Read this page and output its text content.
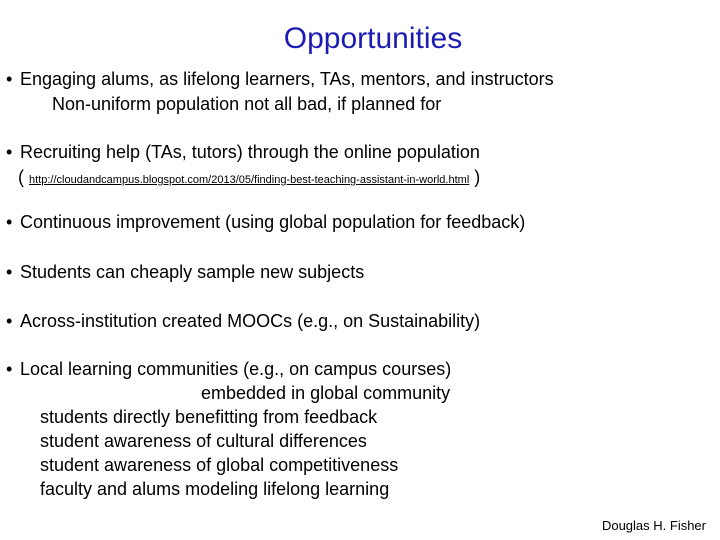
Opportunities
• Engaging alums, as lifelong learners, TAs, mentors, and instructors
Non-uniform population not all bad, if planned for
• Recruiting help (TAs, tutors) through the online population
( http://cloudandcampus.blogspot.com/2013/05/finding-best-teaching-assistant-in-world.html )
• Continuous improvement (using global population for feedback)
• Students can cheaply sample new subjects
• Across-institution created MOOCs (e.g., on Sustainability)
• Local learning communities (e.g., on campus courses)
embedded in global community
students directly benefitting from feedback
student awareness of cultural differences
student awareness of global competitiveness
faculty and alums modeling lifelong learning
Douglas H. Fisher
